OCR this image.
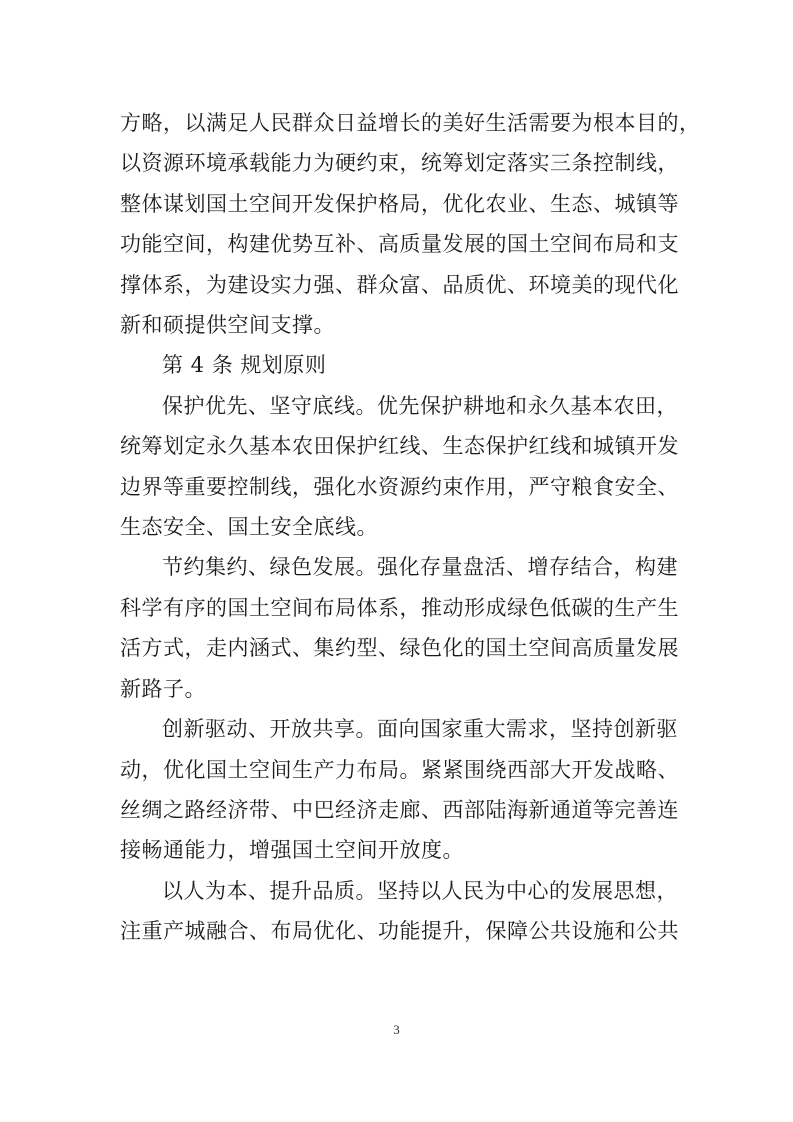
方略，以满足人民群众日益增长的美好生活需要为根本目的，
以资源环境承载能力为硬约束，统筹划定落实三条控制线，
整体谋划国土空间开发保护格局，优化农业、生态、城镇等
功能空间，构建优势互补、高质量发展的国土空间布局和支
撑体系，为建设实力强、群众富、品质优、环境美的现代化
新和硕提供空间支撑。
第 4 条 规划原则
保护优先、坚守底线。优先保护耕地和永久基本农田，
统筹划定永久基本农田保护红线、生态保护红线和城镇开发
边界等重要控制线，强化水资源约束作用，严守粮食安全、
生态安全、国土安全底线。
节约集约、绿色发展。强化存量盘活、增存结合，构建
科学有序的国土空间布局体系，推动形成绿色低碳的生产生
活方式，走内涵式、集约型、绿色化的国土空间高质量发展
新路子。
创新驱动、开放共享。面向国家重大需求，坚持创新驱
动，优化国土空间生产力布局。紧紧围绕西部大开发战略、
丝绸之路经济带、中巴经济走廊、西部陆海新通道等完善连
接畅通能力，增强国土空间开放度。
以人为本、提升品质。坚持以人民为中心的发展思想，
注重产城融合、布局优化、功能提升，保障公共设施和公共
3
